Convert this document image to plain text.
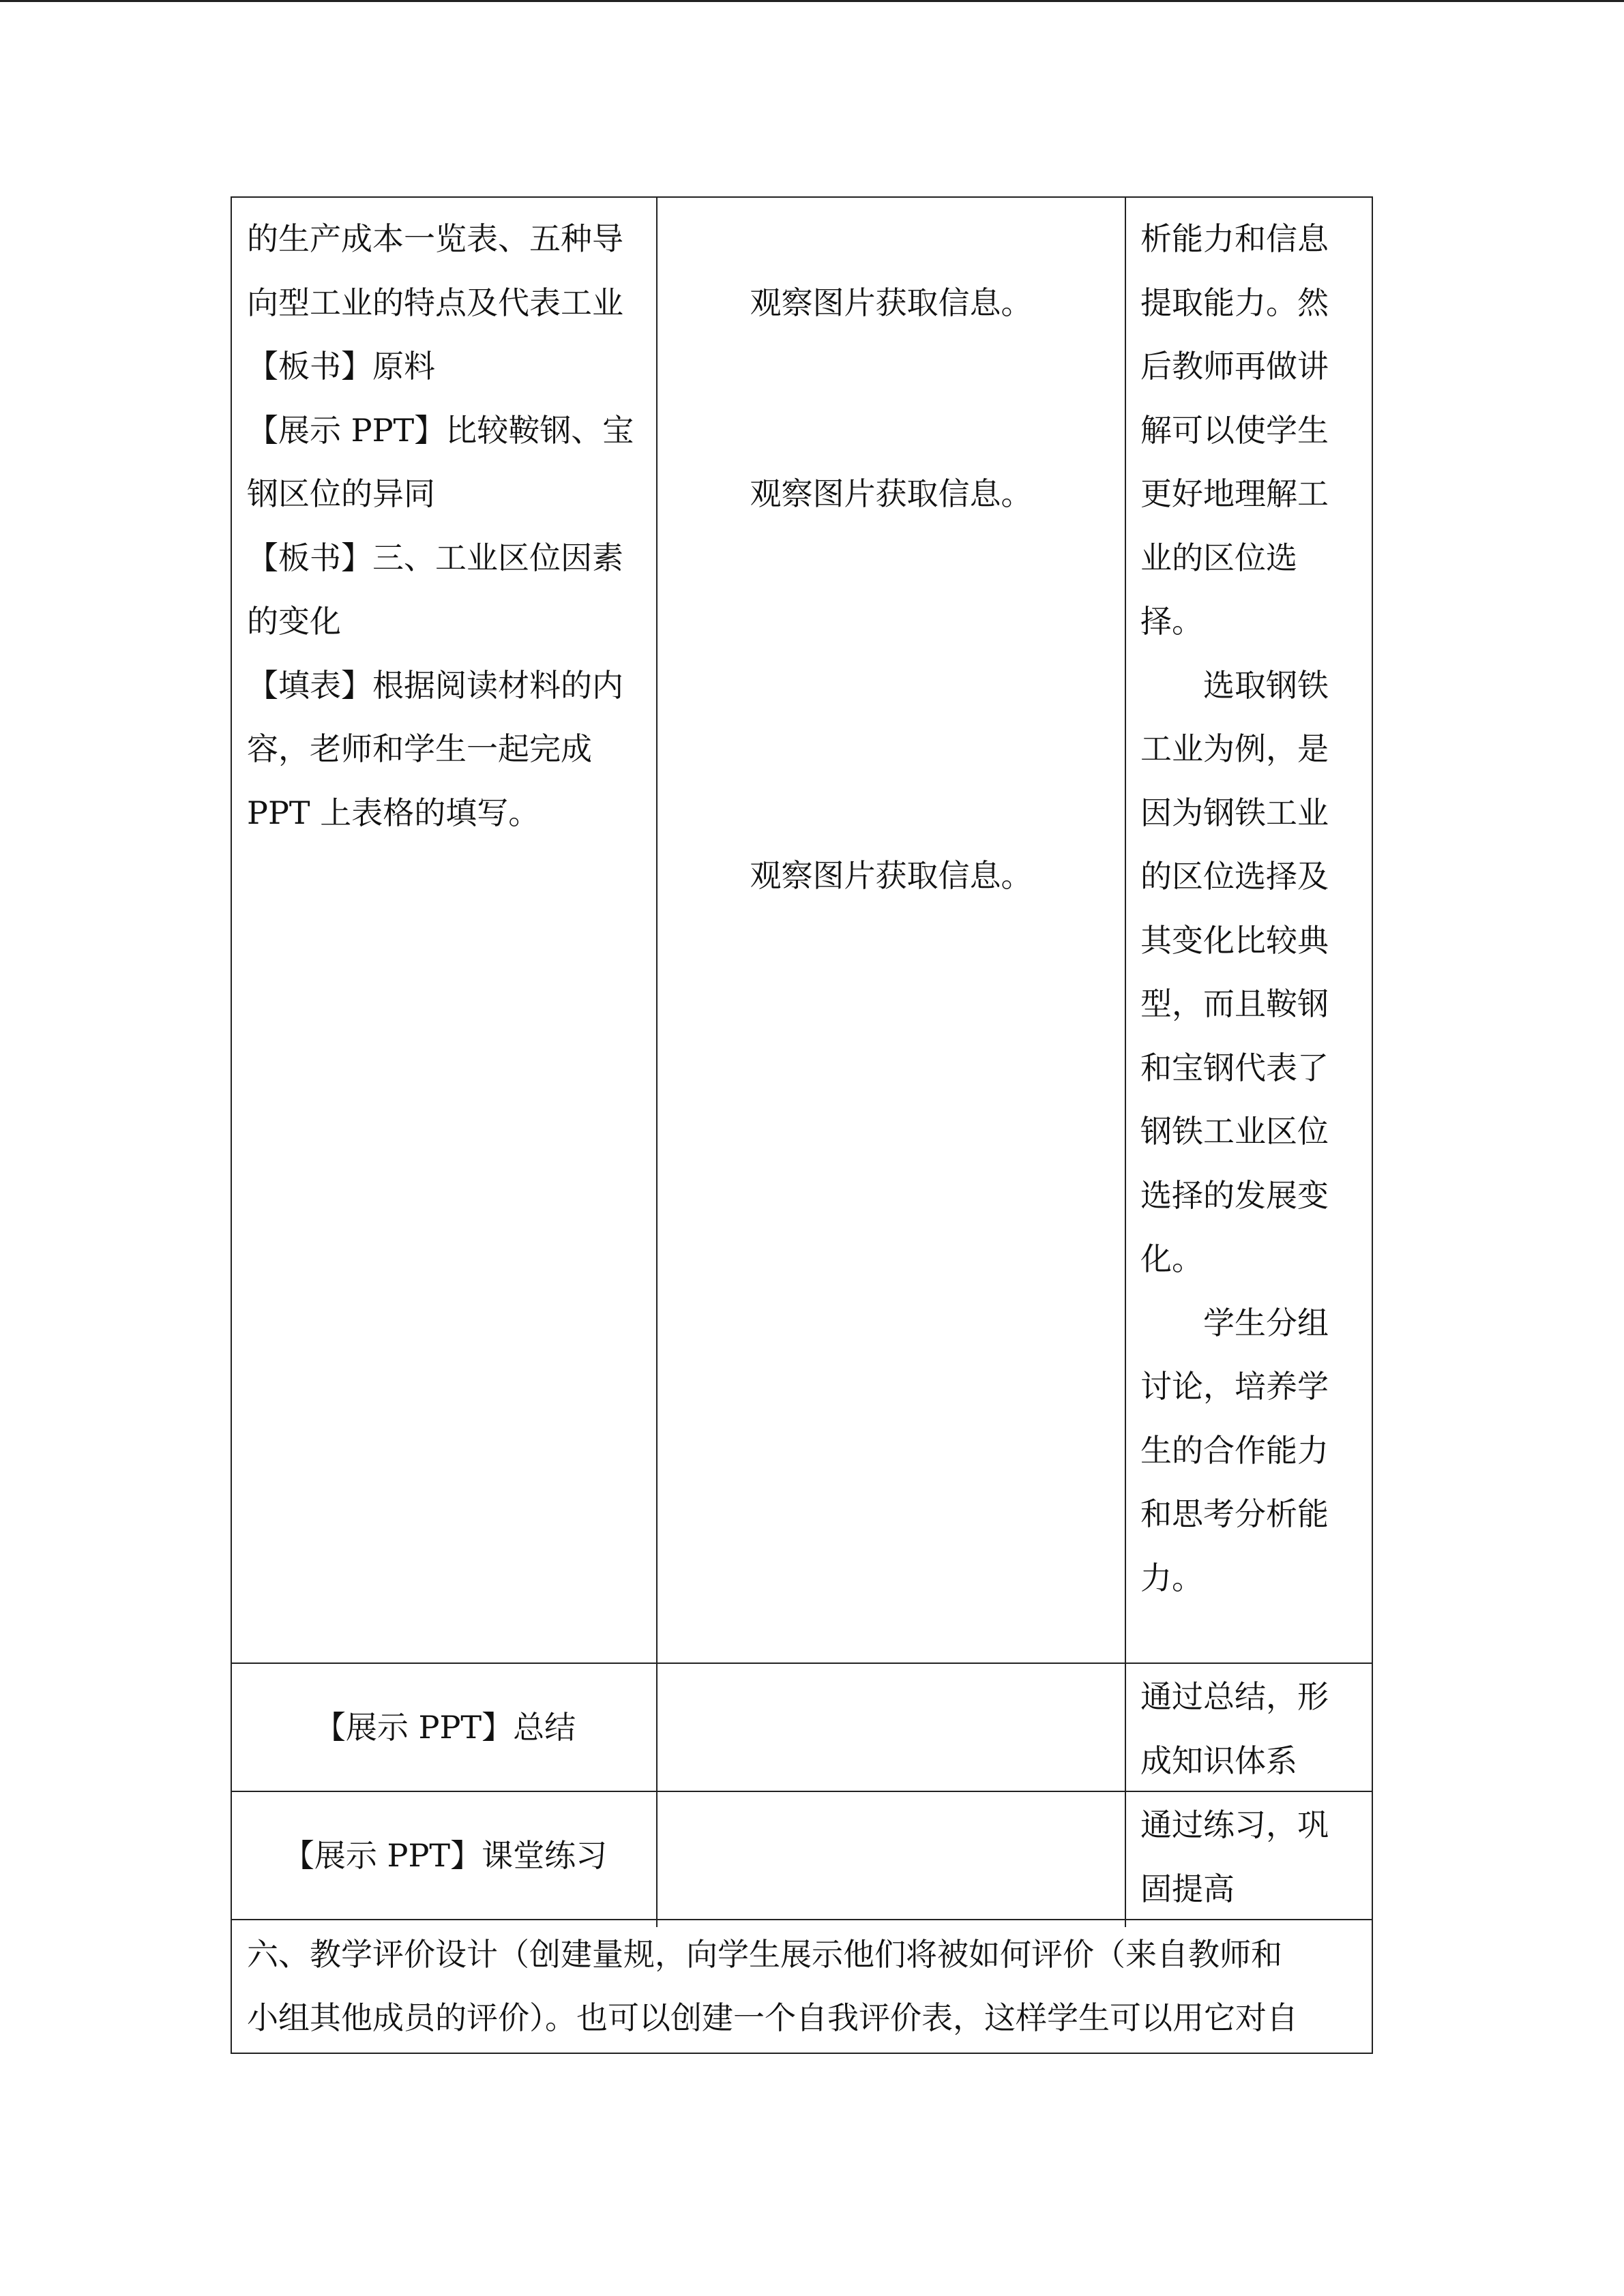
的生产成本一览表、五种导

向型工业的特点及代表工业

【板书】原料

【展示 PPT】比较鞍钢、宝

钢区位的异同

【板书】三、工业区位因素

的变化

【填表】根据阅读材料的内

容，老师和学生一起完成

PPT 上表格的填写。

观察图片获取信息。

观察图片获取信息。

观察图片获取信息。

析能力和信息

提取能力。然

后教师再做讲

解可以使学生

更好地理解工

业的区位选

择。

选取钢铁

工业为例，是

因为钢铁工业

的区位选择及

其变化比较典

型，而且鞍钢

和宝钢代表了

钢铁工业区位

选择的发展变

化。

学生分组

讨论，培养学

生的合作能力

和思考分析能

力。

【展示 PPT】总结

通过总结，形

成知识体系

【展示 PPT】课堂练习

通过练习，巩

固提高

六、教学评价设计（创建量规，向学生展示他们将被如何评价（来自教师和

小组其他成员的评价）。也可以创建一个自我评价表，这样学生可以用它对自
